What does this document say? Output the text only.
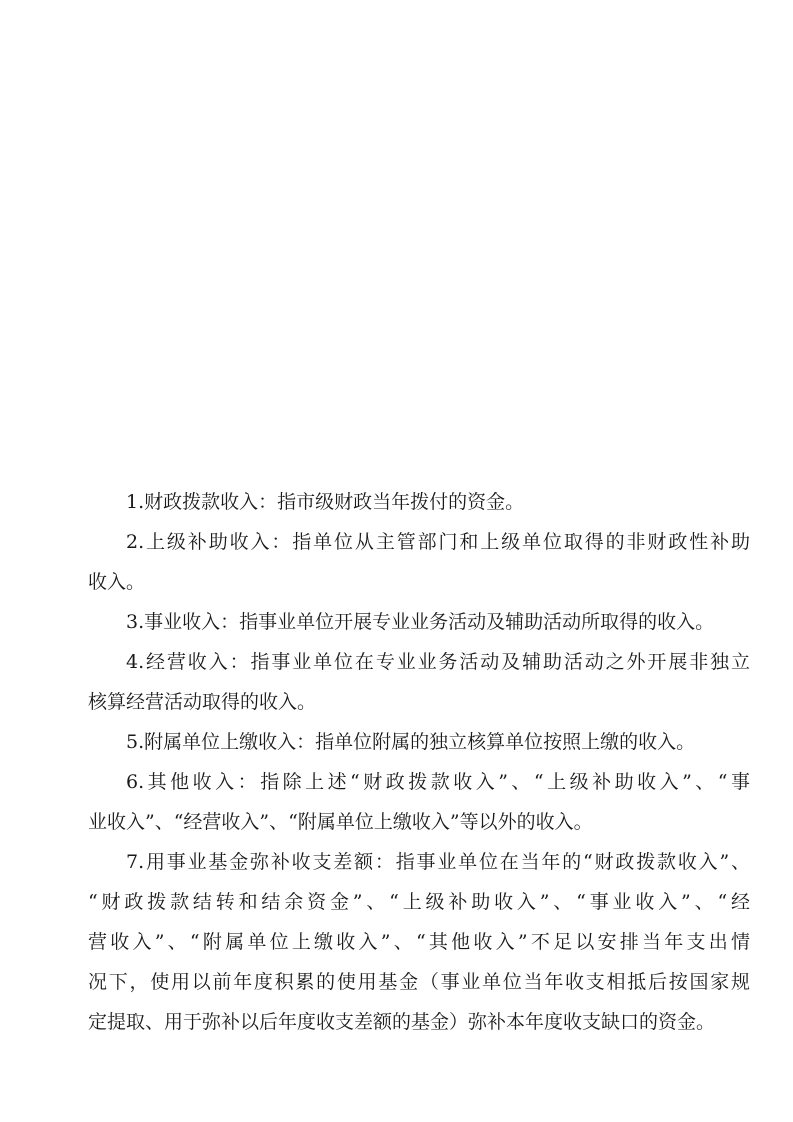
1.财政拨款收入：指市级财政当年拨付的资金。
2.上级补助收入：指单位从主管部门和上级单位取得的非财政性补助
收入。
3.事业收入：指事业单位开展专业业务活动及辅助活动所取得的收入。
4.经营收入：指事业单位在专业业务活动及辅助活动之外开展非独立
核算经营活动取得的收入。
5.附属单位上缴收入：指单位附属的独立核算单位按照上缴的收入。
6.其他收入：指除上述“财政拨款收入”、“上级补助收入”、“事
业收入”、“经营收入”、“附属单位上缴收入”等以外的收入。
7.用事业基金弥补收支差额：指事业单位在当年的“财政拨款收入”、
“财政拨款结转和结余资金”、“上级补助收入”、“事业收入”、“经
营收入”、“附属单位上缴收入”、“其他收入”不足以安排当年支出情
况下，使用以前年度积累的使用基金（事业单位当年收支相抵后按国家规
定提取、用于弥补以后年度收支差额的基金）弥补本年度收支缺口的资金。
